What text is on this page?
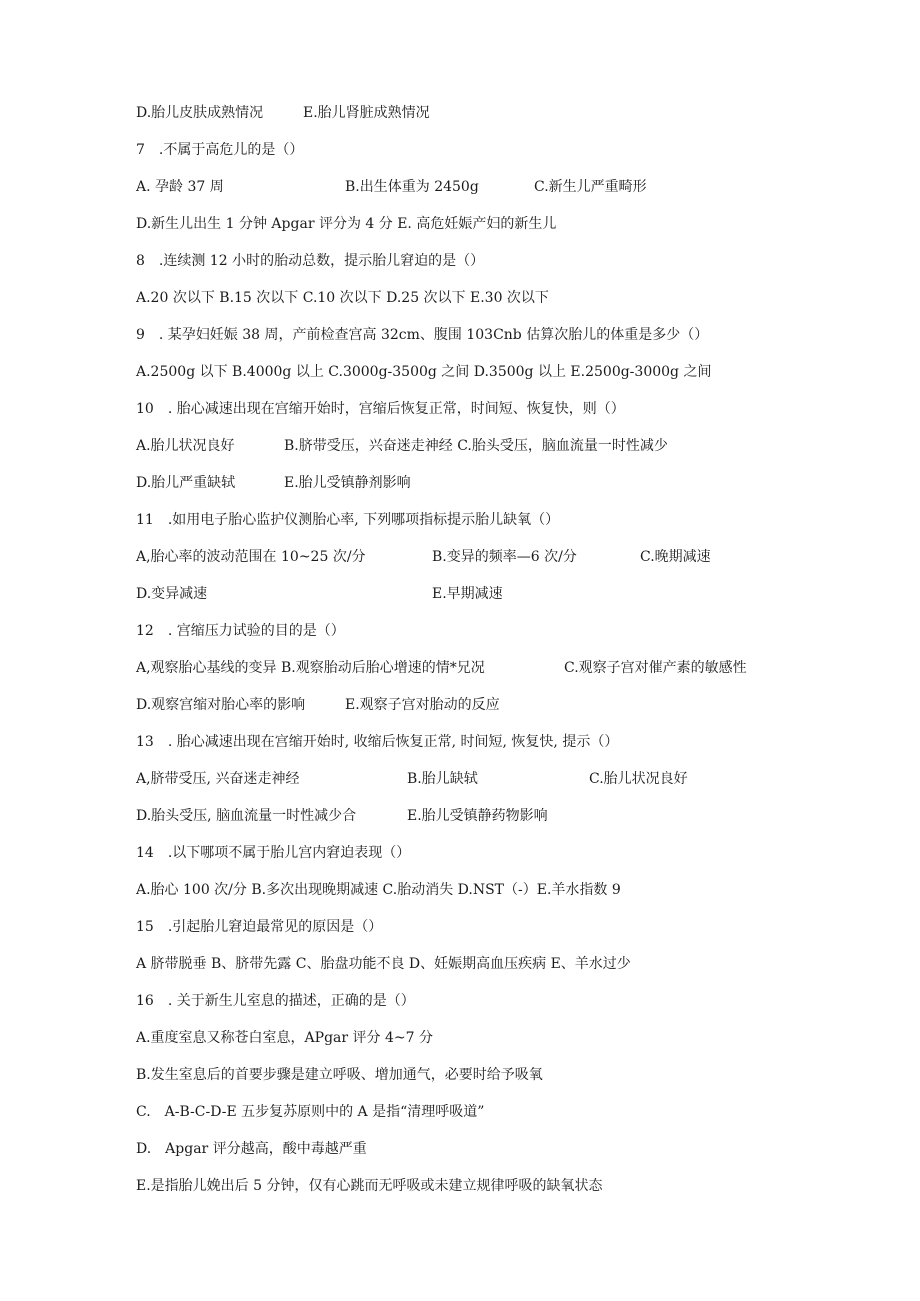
D.胎儿皮肤成熟情况	E.胎儿肾脏成熟情况
7　.不属于高危儿的是（）
A. 孕龄 37 周	B.出生体重为 2450g	C.新生儿严重畸形
D.新生儿出生 1 分钟 Apgar 评分为 4 分 E. 高危妊娠产妇的新生儿
8　.连续测 12 小时的胎动总数，提示胎儿窘迫的是（）
A.20 次以下 B.15 次以下 C.10 次以下 D.25 次以下 E.30 次以下
9　. 某孕妇妊娠 38 周，产前检查宫高 32cm、腹围 103Cnb 估算次胎儿的体重是多少（）
A.2500g 以下 B.4000g 以上 C.3000g-3500g 之间 D.3500g 以上 E.2500g-3000g 之间
10　. 胎心减速出现在宫缩开始时，宫缩后恢复正常，时间短、恢复快，则（）
A.胎儿状况良好	B.脐带受压，兴奋迷走神经 C.胎头受压，脑血流量一时性减少
D.胎儿严重缺轼	E.胎儿受镇静剂影响
11　.如用电子胎心监护仪测胎心率, 下列哪项指标提示胎儿缺氧（）
A,胎心率的波动范围在 10~25 次/分	B.变异的频率—6 次/分	C.晚期减速
D.变异减速	E.早期减速
12　. 宫缩压力试验的目的是（）
A,观察胎心基线的变异 B.观察胎动后胎心增速的情*兄况	C.观察子宫对催产素的敏感性
D.观察宫缩对胎心率的影响	E.观察子宫对胎动的反应
13　. 胎心减速出现在宫缩开始时, 收缩后恢复正常, 时间短, 恢复快, 提示（）
A,脐带受压, 兴奋迷走神经	B.胎儿缺轼	C.胎儿状况良好
D.胎头受压, 脑血流量一时性减少合	E.胎儿受镇静药物影响
14　.以下哪项不属于胎儿宫内窘迫表现（）
A.胎心 100 次/分 B.多次出现晚期减速 C.胎动消失 D.NST（-）E.羊水指数 9
15　.引起胎儿窘迫最常见的原因是（）
A 脐带脱垂 B、脐带先露 C、胎盘功能不良 D、妊娠期高血压疾病 E、羊水过少
16　. 关于新生儿室息的描述，正确的是（）
A.重度室息又称苍白室息，APgar 评分 4~7 分
B.发生室息后的首要步骤是建立呼吸、增加通气，必要时给予吸氧
C.　A-B-C-D-E 五步复苏原则中的 A 是指“清理呼吸道”
D.　Apgar 评分越高，酸中毒越严重
E.是指胎儿娩出后 5 分钟，仅有心跳而无呼吸或未建立规律呼吸的缺氧状态
